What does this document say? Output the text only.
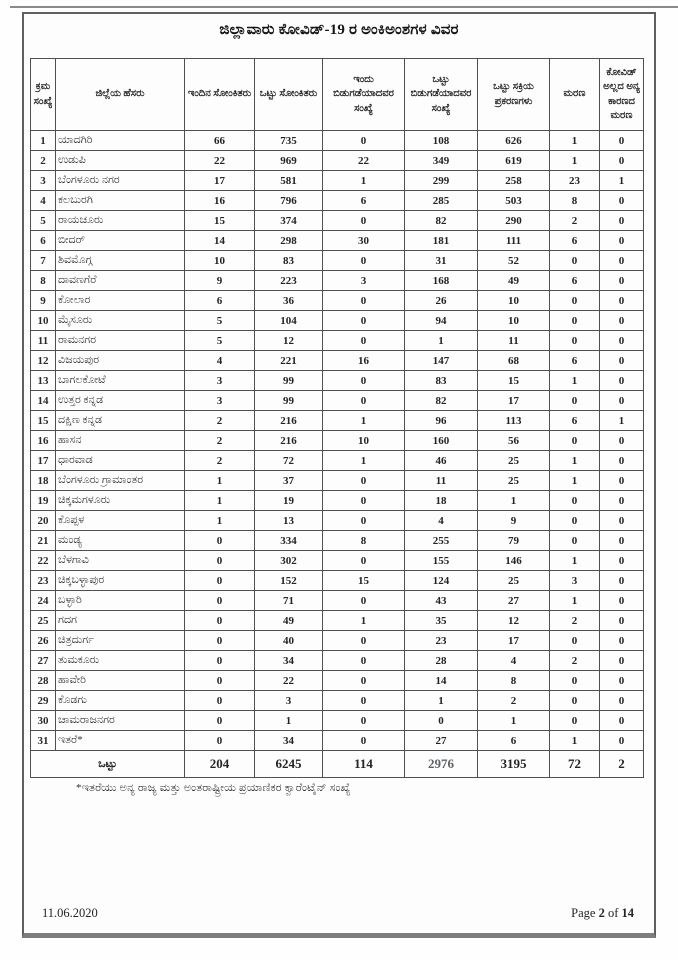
ಜಿಲ್ಲಾವಾರು ಕೋವಿಡ್-19 ರ ಅಂಕಿಅಂಶಗಳ ವಿವರ
ಕ್ರಮ ಸಂಖ್ಯೆ	ಜಿಲ್ಲೆಯ ಹೆಸರು	ಇಂದಿನ ಸೋಂಕಿತರು	ಒಟ್ಟು ಸೋಂಕಿತರು	ಇಂದು ಬಿಡುಗಡೆಯಾದವರ ಸಂಖ್ಯೆ	ಒಟ್ಟು ಬಿಡುಗಡೆಯಾದವರ ಸಂಖ್ಯೆ	ಒಟ್ಟು ಸಕ್ರಿಯ ಪ್ರಕರಣಗಳು	ಮರಣ	ಕೋವಿಡ್ ಅಲ್ಲದ ಅನ್ಯ ಕಾರಣದ ಮರಣ
1	ಯಾದಗಿರಿ	66	735	0	108	626	1	0
2	ಉಡುಪಿ	22	969	22	349	619	1	0
3	ಬೆಂಗಳೂರು ನಗರ	17	581	1	299	258	23	1
4	ಕಲಬುರಗಿ	16	796	6	285	503	8	0
5	ರಾಯಚೂರು	15	374	0	82	290	2	0
6	ಬೀದರ್	14	298	30	181	111	6	0
7	ಶಿವಮೊಗ್ಗ	10	83	0	31	52	0	0
8	ದಾವಣಗೆರೆ	9	223	3	168	49	6	0
9	ಕೋಲಾರ	6	36	0	26	10	0	0
10	ಮೈಸೂರು	5	104	0	94	10	0	0
11	ರಾಮನಗರ	5	12	0	1	11	0	0
12	ವಿಜಯಪುರ	4	221	16	147	68	6	0
13	ಬಾಗಲಕೋಟೆ	3	99	0	83	15	1	0
14	ಉತ್ತರ ಕನ್ನಡ	3	99	0	82	17	0	0
15	ದಕ್ಷಿಣ ಕನ್ನಡ	2	216	1	96	113	6	1
16	ಹಾಸನ	2	216	10	160	56	0	0
17	ಧಾರವಾಡ	2	72	1	46	25	1	0
18	ಬೆಂಗಳೂರು ಗ್ರಾಮಾಂತರ	1	37	0	11	25	1	0
19	ಚಿಕ್ಕಮಗಳೂರು	1	19	0	18	1	0	0
20	ಕೊಪ್ಪಳ	1	13	0	4	9	0	0
21	ಮಂಡ್ಯ	0	334	8	255	79	0	0
22	ಬೆಳಗಾವಿ	0	302	0	155	146	1	0
23	ಚಿಕ್ಕಬಳ್ಳಾಪುರ	0	152	15	124	25	3	0
24	ಬಳ್ಳಾರಿ	0	71	0	43	27	1	0
25	ಗದಗ	0	49	1	35	12	2	0
26	ಚಿತ್ರದುರ್ಗ	0	40	0	23	17	0	0
27	ತುಮಕೂರು	0	34	0	28	4	2	0
28	ಹಾವೇರಿ	0	22	0	14	8	0	0
29	ಕೊಡಗು	0	3	0	1	2	0	0
30	ಚಾಮರಾಜನಗರ	0	1	0	0	1	0	0
31	ಇತರೆ*	0	34	0	27	6	1	0
ಒಟ್ಟು		204	6245	114	2976	3195	72	2
*ಇತರೆಯು ಅನ್ಯ ರಾಜ್ಯ ಮತ್ತು ಅಂತರಾಷ್ಟ್ರೀಯ ಪ್ರಯಾಣಿಕರ ಕ್ವಾರೆಂಟೈನ್ ಸಂಖ್ಯೆ
11.06.2020	Page 2 of 14
